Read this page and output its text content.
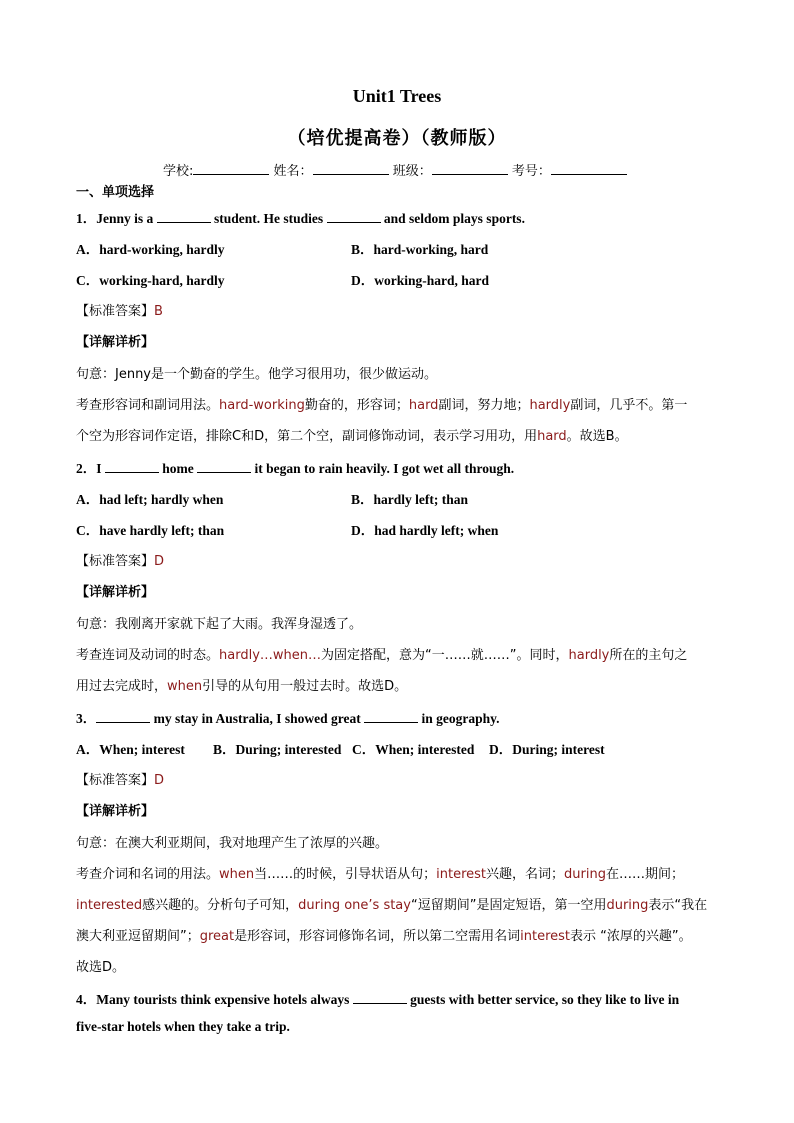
Unit1 Trees
（培优提高卷）（教师版）
学校:	姓名：	班级：	考号：
一、单项选择
1．Jenny is a	student. He studies	and seldom plays sports.
A．hard-working, hardly	B．hard-working, hard
C．working-hard, hardly	D．working-hard, hard
【标准答案】B
【详解详析】
句意：Jenny是一个勤奋的学生。他学习很用功，很少做运动。
考查形容词和副词用法。hard-working勤奋的，形容词；hard副词，努力地；hardly副词，几乎不。第一
个空为形容词作定语，排除C和D，第二个空，副词修饰动词，表示学习用功，用hard。故选B。
2．I	home	it began to rain heavily. I got wet all through.
A．had left; hardly when	B．hardly left; than
C．have hardly left; than	D．had hardly left; when
【标准答案】D
【详解详析】
句意：我刚离开家就下起了大雨。我浑身湿透了。
考查连词及动词的时态。hardly…when…为固定搭配，意为“一……就……”。同时，hardly所在的主句之
用过去完成时，when引导的从句用一般过去时。故选D。
3．	my stay in Australia, I showed great	in geography.
A．When; interest B．During; interested C．When; interested D．During; interest
【标准答案】D
【详解详析】
句意：在澳大利亚期间，我对地理产生了浓厚的兴趣。
考查介词和名词的用法。when当……的时候，引导状语从句；interest兴趣，名词；during在……期间；
interested感兴趣的。分析句子可知，during one’s stay“逗留期间”是固定短语，第一空用during表示“我在
澳大利亚逗留期间”；great是形容词，形容词修饰名词，所以第二空需用名词interest表示 “浓厚的兴趣”。
故选D。
4．Many tourists think expensive hotels always	guests with better service, so they like to live in
five-star hotels when they take a trip.
